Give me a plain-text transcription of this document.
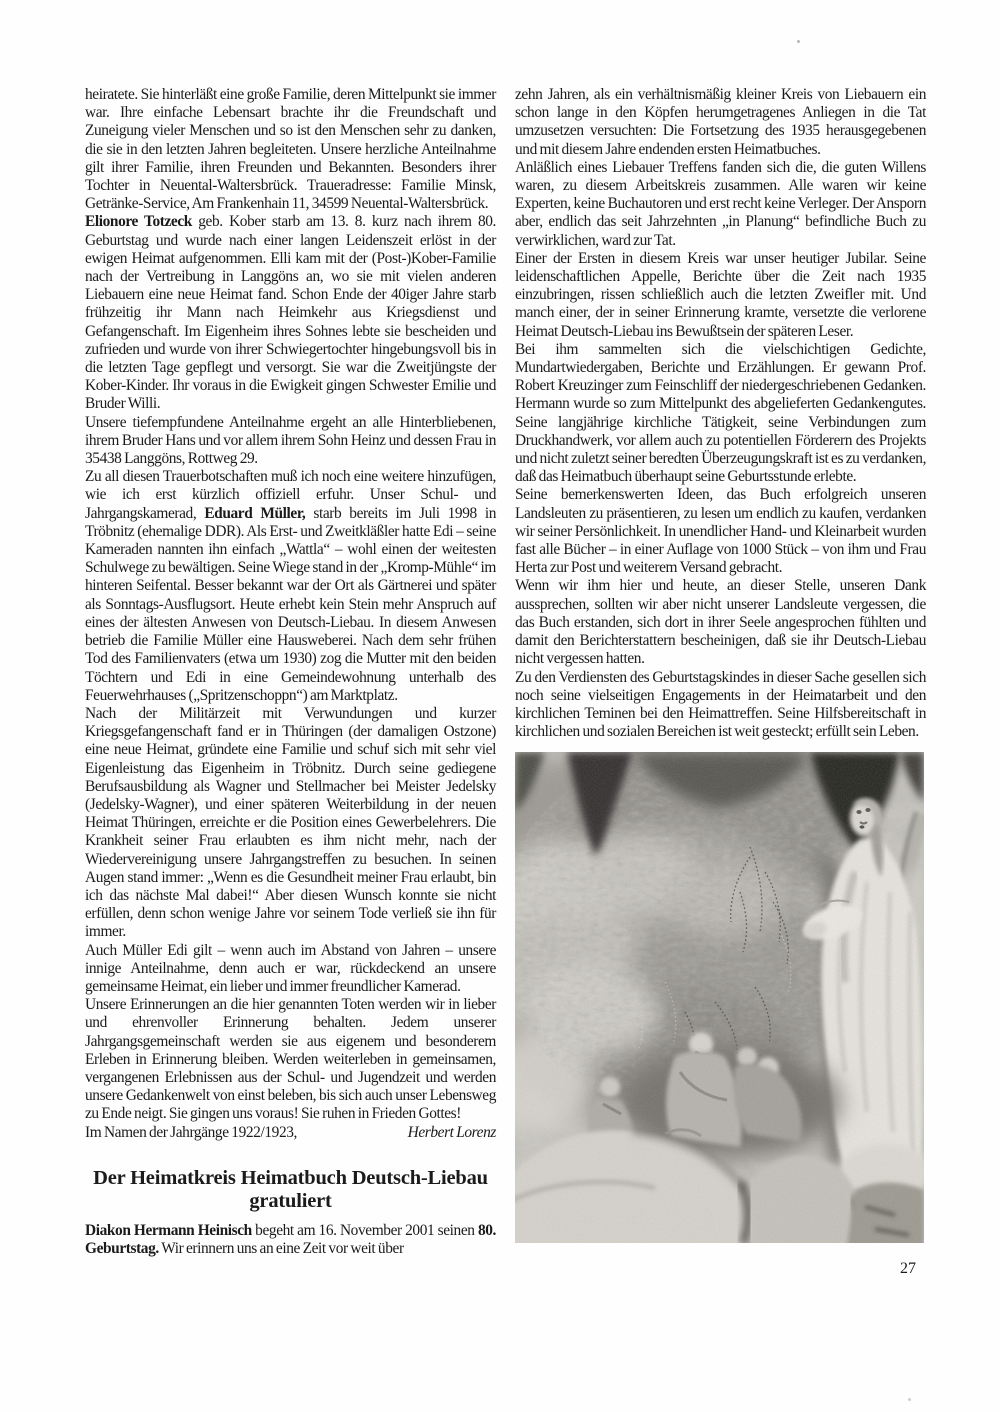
heiratete. Sie hinterläßt eine große Familie, deren Mittelpunkt sie immer war. Ihre einfache Lebensart brachte ihr die Freundschaft und Zuneigung vieler Menschen und so ist den Menschen sehr zu danken, die sie in den letzten Jahren begleiteten. Unsere herzliche Anteilnahme gilt ihrer Familie, ihren Freunden und Bekannten. Besonders ihrer Tochter in Neuental-Waltersbrück. Traueradresse: Familie Minsk, Getränke-Service, Am Frankenhain 11, 34599 Neuental-Waltersbrück.

Elionore Totzeck geb. Kober starb am 13. 8. kurz nach ihrem 80. Geburtstag und wurde nach einer langen Leidenszeit erlöst in der ewigen Heimat aufgenommen. Elli kam mit der (Post-)Kober-Familie nach der Vertreibung in Langgöns an, wo sie mit vielen anderen Liebauern eine neue Heimat fand. Schon Ende der 40iger Jahre starb frühzeitig ihr Mann nach Heimkehr aus Kriegsdienst und Gefangenschaft. Im Eigenheim ihres Sohnes lebte sie bescheiden und zufrieden und wurde von ihrer Schwiegertochter hingebungsvoll bis in die letzten Tage gepflegt und versorgt. Sie war die Zweitjüngste der Kober-Kinder. Ihr voraus in die Ewigkeit gingen Schwester Emilie und Bruder Willi.

Unsere tiefempfundene Anteilnahme ergeht an alle Hinterbliebenen, ihrem Bruder Hans und vor allem ihrem Sohn Heinz und dessen Frau in 35438 Langgöns, Rottweg 29.

Zu all diesen Trauerbotschaften muß ich noch eine weitere hinzufügen, wie ich erst kürzlich offiziell erfuhr. Unser Schul- und Jahrgangskamerad, Eduard Müller, starb bereits im Juli 1998 in Tröbnitz (ehemalige DDR). Als Erst- und Zweitkläßler hatte Edi – seine Kameraden nannten ihn einfach „Wattla“ – wohl einen der weitesten Schulwege zu bewältigen. Seine Wiege stand in der „Kromp-Mühle“ im hinteren Seifental. Besser bekannt war der Ort als Gärtnerei und später als Sonntags-Ausflugsort. Heute erhebt kein Stein mehr Anspruch auf eines der ältesten Anwesen von Deutsch-Liebau. In diesem Anwesen betrieb die Familie Müller eine Hausweberei. Nach dem sehr frühen Tod des Familienvaters (etwa um 1930) zog die Mutter mit den beiden Töchtern und Edi in eine Gemeindewohnung unterhalb des Feuerwehrhauses („Spritzenschoppn“) am Marktplatz.

Nach der Militärzeit mit Verwundungen und kurzer Kriegsgefangenschaft fand er in Thüringen (der damaligen Ostzone) eine neue Heimat, gründete eine Familie und schuf sich mit sehr viel Eigenleistung das Eigenheim in Tröbnitz. Durch seine gediegene Berufsausbildung als Wagner und Stellmacher bei Meister Jedelsky (Jedelsky-Wagner), und einer späteren Weiterbildung in der neuen Heimat Thüringen, erreichte er die Position eines Gewerbelehrers. Die Krankheit seiner Frau erlaubten es ihm nicht mehr, nach der Wiedervereinigung unsere Jahrgangstreffen zu besuchen. In seinen Augen stand immer: „Wenn es die Gesundheit meiner Frau erlaubt, bin ich das nächste Mal dabei!“ Aber diesen Wunsch konnte sie nicht erfüllen, denn schon wenige Jahre vor seinem Tode verließ sie ihn für immer.

Auch Müller Edi gilt – wenn auch im Abstand von Jahren – unsere innige Anteilnahme, denn auch er war, rückdeckend an unsere gemeinsame Heimat, ein lieber und immer freundlicher Kamerad.

Unsere Erinnerungen an die hier genannten Toten werden wir in lieber und ehrenvoller Erinnerung behalten. Jedem unserer Jahrgangsgemeinschaft werden sie aus eigenem und besonderem Erleben in Erinnerung bleiben. Werden weiterleben in gemeinsamen, vergangenen Erlebnissen aus der Schul- und Jugendzeit und werden unsere Gedankenwelt von einst beleben, bis sich auch unser Lebensweg zu Ende neigt. Sie gingen uns voraus! Sie ruhen in Frieden Gottes!

Im Namen der Jahrgänge 1922/1923,	Herbert Lorenz
Der Heimatkreis Heimatbuch Deutsch-Liebau
gratuliert

Diakon Hermann Heinisch begeht am 16. November 2001 seinen 80. Geburtstag. Wir erinnern uns an eine Zeit vor weit über

zehn Jahren, als ein verhältnismäßig kleiner Kreis von Liebauern ein schon lange in den Köpfen herumgetragenes Anliegen in die Tat umzusetzen versuchten: Die Fortsetzung des 1935 herausgegebenen und mit diesem Jahre endenden ersten Heimatbuches.

Anläßlich eines Liebauer Treffens fanden sich die, die guten Willens waren, zu diesem Arbeitskreis zusammen. Alle waren wir keine Experten, keine Buchautoren und erst recht keine Verleger. Der Ansporn aber, endlich das seit Jahrzehnten „in Planung“ befindliche Buch zu verwirklichen, ward zur Tat.

Einer der Ersten in diesem Kreis war unser heutiger Jubilar. Seine leidenschaftlichen Appelle, Berichte über die Zeit nach 1935 einzubringen, rissen schließlich auch die letzten Zweifler mit. Und manch einer, der in seiner Erinnerung kramte, versetzte die verlorene Heimat Deutsch-Liebau ins Bewußtsein der späteren Leser.

Bei ihm sammelten sich die vielschichtigen Gedichte, Mundartwiedergaben, Berichte und Erzählungen. Er gewann Prof. Robert Kreuzinger zum Feinschliff der niedergeschriebenen Gedanken. Hermann wurde so zum Mittelpunkt des abgelieferten Gedankengutes. Seine langjährige kirchliche Tätigkeit, seine Verbindungen zum Druckhandwerk, vor allem auch zu potentiellen Förderern des Projekts und nicht zuletzt seiner beredten Überzeugungskraft ist es zu verdanken, daß das Heimatbuch überhaupt seine Geburtsstunde erlebte.

Seine bemerkenswerten Ideen, das Buch erfolgreich unseren Landsleuten zu präsentieren, zu lesen um endlich zu kaufen, verdanken wir seiner Persönlichkeit. In unendlicher Hand- und Kleinarbeit wurden fast alle Bücher – in einer Auflage von 1000 Stück – von ihm und Frau Herta zur Post und weiterem Versand gebracht.

Wenn wir ihm hier und heute, an dieser Stelle, unseren Dank aussprechen, sollten wir aber nicht unserer Landsleute vergessen, die das Buch erstanden, sich dort in ihrer Seele angesprochen fühlten und damit den Berichterstattern bescheinigen, daß sie ihr Deutsch-Liebau nicht vergessen hatten.

Zu den Verdiensten des Geburtstagskindes in dieser Sache gesellen sich noch seine vielseitigen Engagements in der Heimatarbeit und den kirchlichen Teminen bei den Heimattreffen. Seine Hilfsbereitschaft in kirchlichen und sozialen Bereichen ist weit gesteckt; erfüllt sein Leben.

27
